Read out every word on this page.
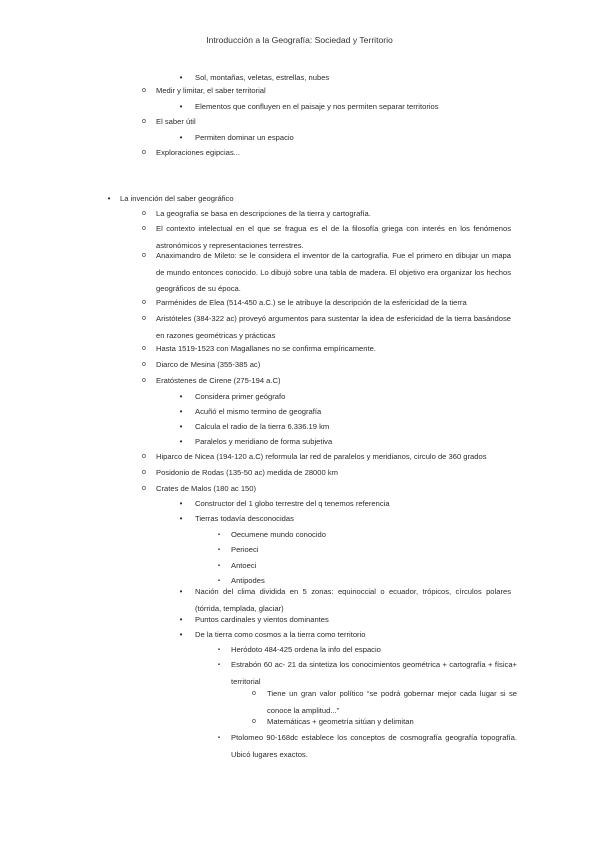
Introducción a la Geografía: Sociedad y Territorio
•	Sol, montañas, veletas, estrellas, nubes
o	Medir y limitar, el saber territorial
•	Elementos que confluyen en el paisaje y nos permiten separar territorios
o	El saber útil
•	Permiten dominar un espacio
o	Exploraciones egipcias...
•	La invención del saber geográfico
o	La geografía se basa en descripciones de la tierra y cartografía.
o	El contexto intelectual en el que se fragua es el de la filosofía griega con interés en los fenómenos astronómicos y representaciones terrestres.
o	Anaximandro de Mileto: se le considera el inventor de la cartografía. Fue el primero en dibujar un mapa de mundo entonces conocido. Lo dibujó sobre una tabla de madera. El objetivo era organizar los hechos geográficos de su época.
o	Parménides de Elea (514-450 a.C.) se le atribuye la descripción de la esfericidad de la tierra
o	Aristóteles (384-322 ac) proveyó argumentos para sustentar la idea de esfericidad de la tierra basándose en razones geométricas y prácticas
o	Hasta 1519-1523 con Magallanes no se confirma empíricamente.
o	Diarco de Mesina (355-385 ac)
o	Eratóstenes de Cirene (275-194 a.C)
•	Considera primer geógrafo
•	Acuñó el mismo termino de geografía
•	Calcula el radio de la tierra 6.336.19 km
•	Paralelos y meridiano de forma subjetiva
o	Hiparco de Nicea (194-120 a.C) reformula lar red de paralelos y meridianos, circulo de 360 grados
o	Posidonio de Rodas (135-50 ac) medida de 28000 km
o	Crates de Malos (180 ac 150)
•	Constructor del 1 globo terrestre del q tenemos referencia
•	Tierras todavía desconocidas
▪	Oecumene mundo conocido
▪	Perioeci
▪	Antoeci
▪	Antipodes
•	Nación del clima dividida en 5 zonas: equinoccial o ecuador, trópicos, círculos polares (tórrida, templada, glaciar)
•	Puntos cardinales y vientos dominantes
•	De la tierra como cosmos a la tierra como territorio
▪	Heródoto 484-425 ordena la info del espacio
▪	Estrabón 60 ac- 21 da sintetiza los conocimientos geométrica + cartografía + física+ territorial
o	Tiene un gran valor político “se podrá gobernar mejor cada lugar si se conoce la amplitud...”
o	Matemáticas + geometría sitúan y delimitan
▪	Ptolomeo 90-168dc establece los conceptos de cosmografía geografía topografía. Ubicó lugares exactos.
